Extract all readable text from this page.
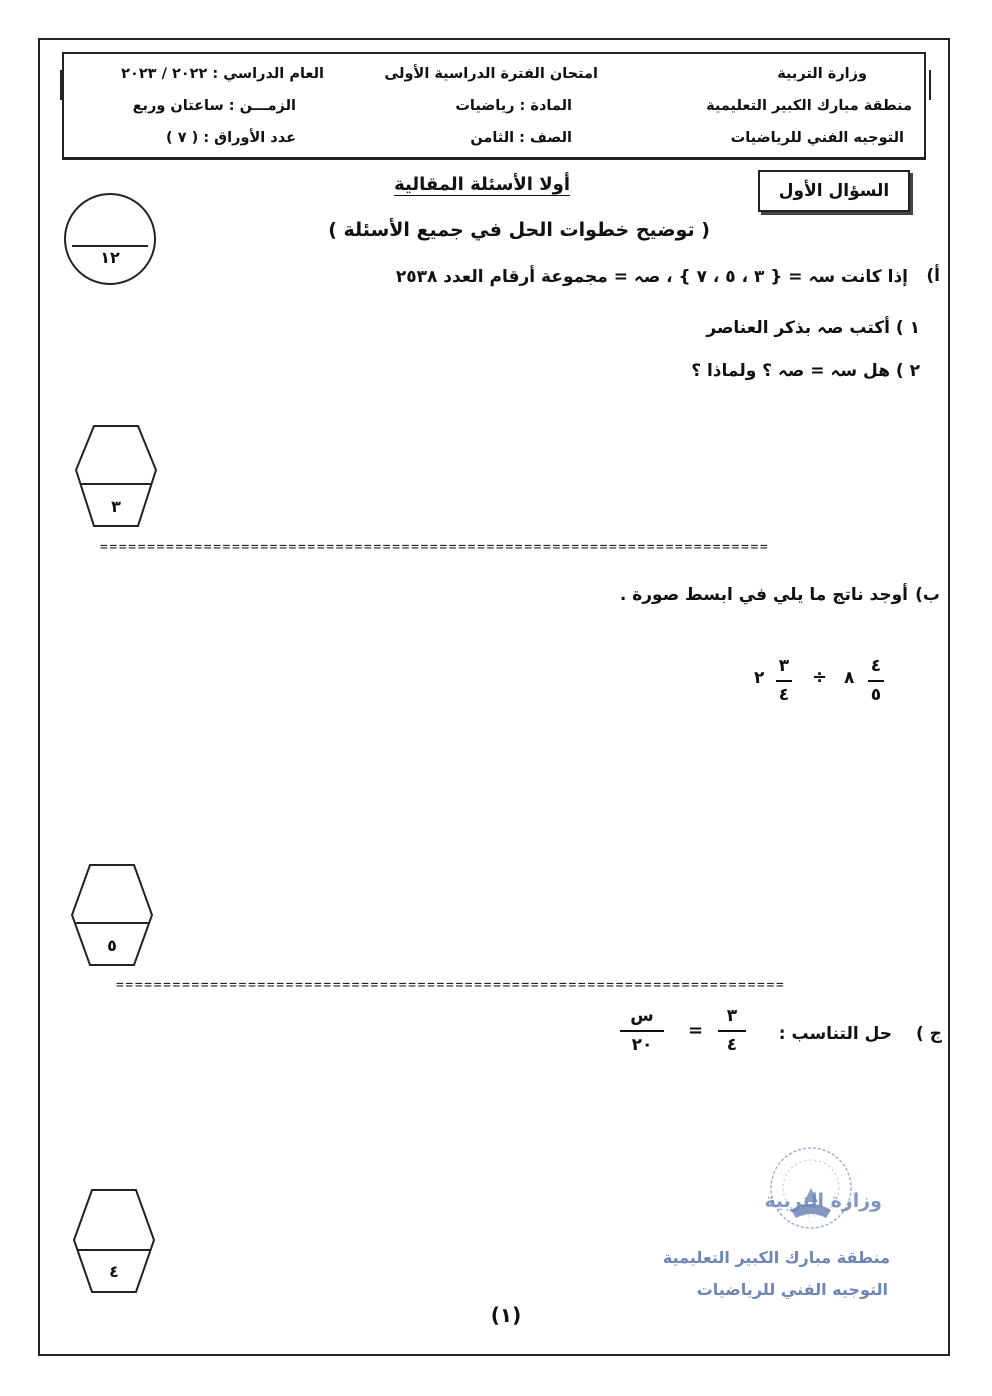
وزارة التربية
منطقة مبارك الكبير التعليمية
التوجيه الفني للرياضيات
امتحان الفترة الدراسية الأولى
المادة : رياضيات
الصف : الثامن
العام الدراسي : ٢٠٢٢ / ٢٠٢٣
الزمـــن : ساعتان وربع
عدد الأوراق : ( ٧ )
السؤال الأول
أولا الأسئلة المقالية
( توضيح خطوات الحل في جميع الأسئلة )
١٢
أ)
إذا كانت سہ = { ٣ ، ٥ ، ٧ } ، صہ = مجموعة أرقام العدد ٢٥٣٨
١ ) أكتب صہ بذكر العناصر
٢ ) هل سہ = صہ ؟ ولماذا ؟
٣
=======================================================================
ب)
أوجد ناتج ما يلي في ابسط صورة .
٤
٥
٨
÷
٣
٤
٢
٥
=======================================================================
ج )
حل التناسب :
٣
٤
=
س
٢٠
٤
وزارة التربية
منطقة مبارك الكبير التعليمية
التوجيه الفني للرياضيات
(١)
